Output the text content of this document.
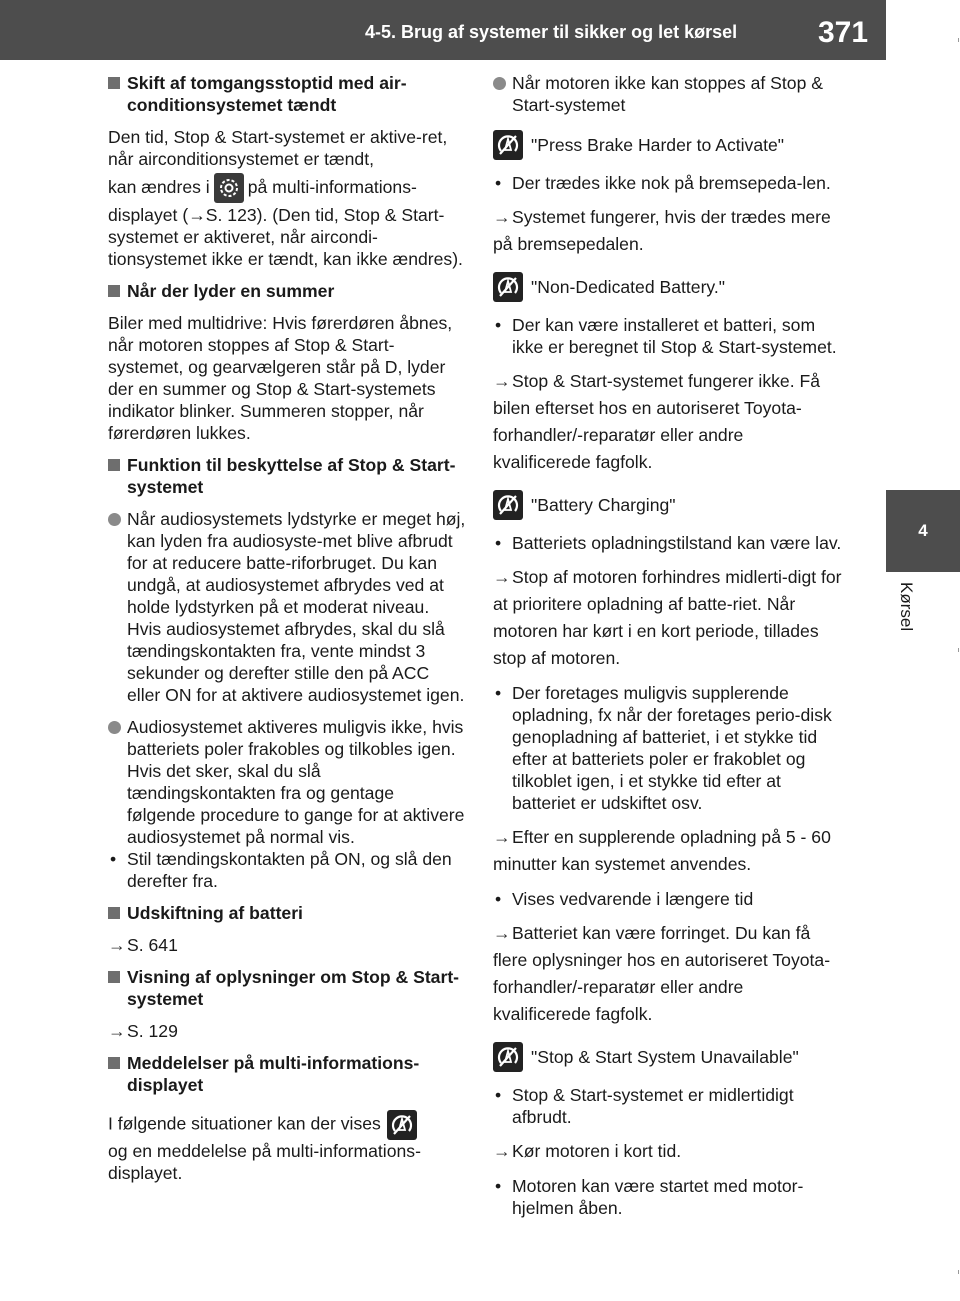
4-5. Brug af systemer til sikker og let kørsel	371
4
Kørsel
Skift af tomgangsstoptid med air-conditionsystemet tændt
Den tid, Stop & Start-systemet er aktive-ret, når airconditionsystemet er tændt,
kan ændres i på multi-informations-
displayet (→S. 123). (Den tid, Stop & Start-systemet er aktiveret, når aircondi-tionsystemet ikke er tændt, kan ikke ændres).
Når der lyder en summer
Biler med multidrive: Hvis førerdøren åbnes, når motoren stoppes af Stop & Start-systemet, og gearvælgeren står på D, lyder der en summer og Stop & Start-systemets indikator blinker. Summeren stopper, når førerdøren lukkes.
Funktion til beskyttelse af Stop & Start-systemet
Når audiosystemets lydstyrke er meget høj, kan lyden fra audiosyste-met blive afbrudt for at reducere batte-riforbruget. Du kan undgå, at audiosystemet afbrydes ved at holde lydstyrken på et moderat niveau. Hvis audiosystemet afbrydes, skal du slå tændingskontakten fra, vente mindst 3 sekunder og derefter stille den på ACC eller ON for at aktivere audiosystemet igen.
Audiosystemet aktiveres muligvis ikke, hvis batteriets poler frakobles og tilkobles igen. Hvis det sker, skal du slå tændingskontakten fra og gentage følgende procedure to gange for at aktivere audiosystemet på normal vis.
• Stil tændingskontakten på ON, og slå den derefter fra.
Udskiftning af batteri
→S. 641
Visning af oplysninger om Stop & Start-systemet
→S. 129
Meddelelser på multi-informations-displayet
I følgende situationer kan der vises

og en meddelelse på multi-informations-displayet.
Når motoren ikke kan stoppes af Stop & Start-systemet
"Press Brake Harder to Activate"
• Der trædes ikke nok på bremsepeda-len.
→Systemet fungerer, hvis der trædes mere på bremsepedalen.
"Non-Dedicated Battery."
• Der kan være installeret et batteri, som ikke er beregnet til Stop & Start-systemet.
→Stop & Start-systemet fungerer ikke. Få bilen efterset hos en autoriseret Toyota-forhandler/-reparatør eller andre kvalificerede fagfolk.
"Battery Charging"
• Batteriets opladningstilstand kan være lav.
→Stop af motoren forhindres midlerti-digt for at prioritere opladning af batte-riet. Når motoren har kørt i en kort periode, tillades stop af motoren.
• Der foretages muligvis supplerende opladning, fx når der foretages perio-disk genopladning af batteriet, i et stykke tid efter at batteriets poler er frakoblet og tilkoblet igen, i et stykke tid efter at batteriet er udskiftet osv.
→Efter en supplerende opladning på 5 - 60 minutter kan systemet anvendes.
• Vises vedvarende i længere tid
→Batteriet kan være forringet. Du kan få flere oplysninger hos en autoriseret Toyota-forhandler/-reparatør eller andre kvalificerede fagfolk.
"Stop & Start System Unavailable"
• Stop & Start-systemet er midlertidigt afbrudt.
→Kør motoren i kort tid.
• Motoren kan være startet med motor-hjelmen åben.
